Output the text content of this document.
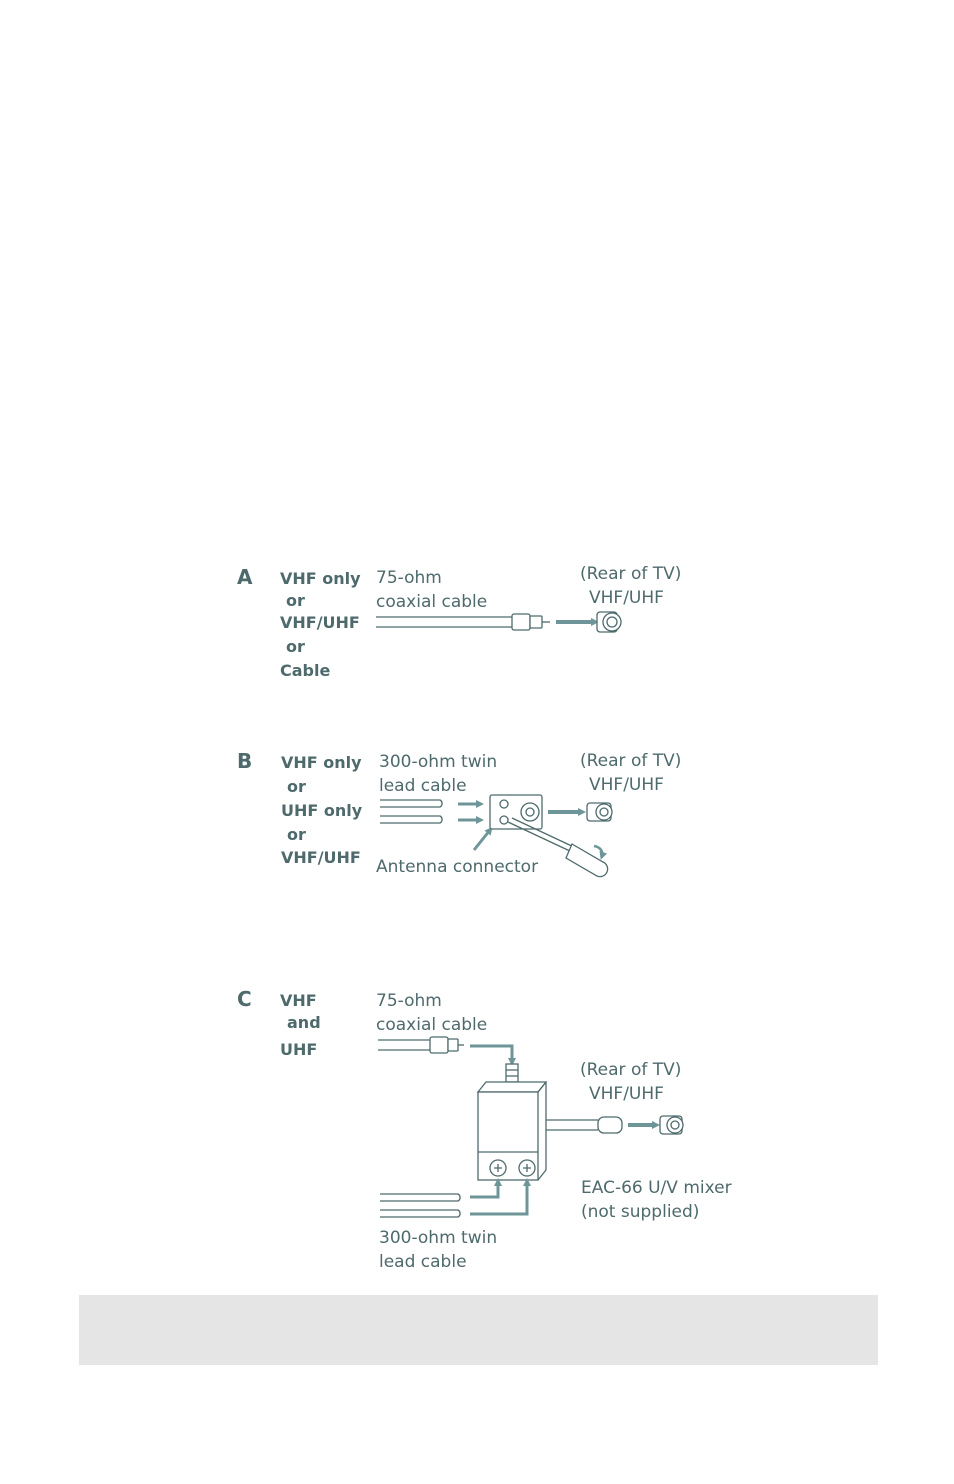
A VHF only
or
VHF/UHF
or
Cable
75-ohm
coaxial cable
(Rear of TV)
VHF/UHF
B VHF only
or
UHF only
or
VHF/UHF
300-ohm twin
lead cable
(Rear of TV)
VHF/UHF
Antenna connector
C VHF
and
UHF
75-ohm
coaxial cable
(Rear of TV)
VHF/UHF
EAC-66 U/V mixer
(not supplied)
300-ohm twin
lead cable
